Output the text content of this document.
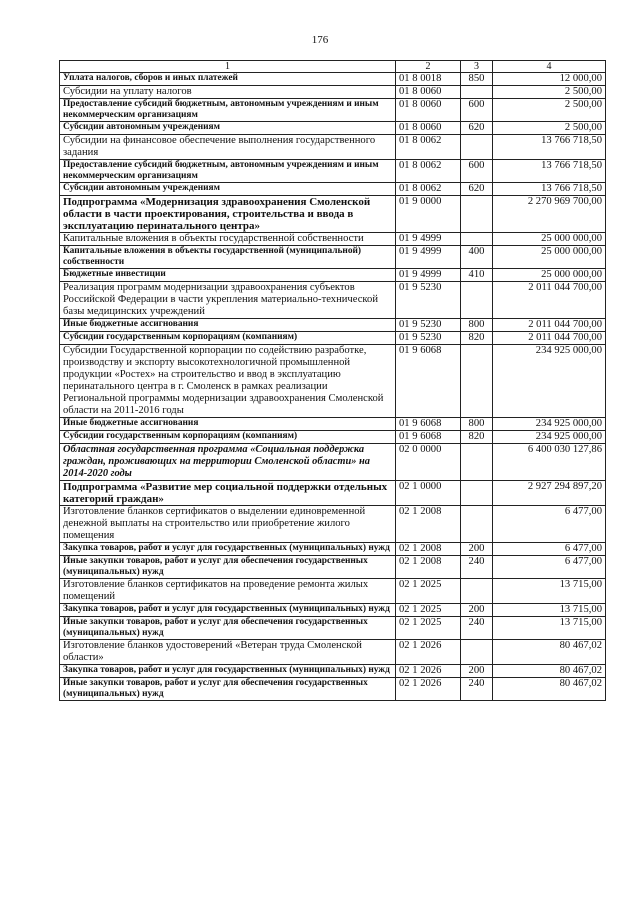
176
1	2	3	4
Уплата налогов, сборов и иных платежей	01 8 0018	850	12 000,00
Субсидии на уплату налогов	01 8 0060		2 500,00
Предоставление субсидий бюджетным, автономным учреждениям и иным некоммерческим организациям	01 8 0060	600	2 500,00
Субсидии автономным учреждениям	01 8 0060	620	2 500,00
Субсидии на финансовое обеспечение выполнения государственного задания	01 8 0062		13 766 718,50
Предоставление субсидий бюджетным, автономным учреждениям и иным некоммерческим организациям	01 8 0062	600	13 766 718,50
Субсидии автономным учреждениям	01 8 0062	620	13 766 718,50
Подпрограмма «Модернизация здравоохранения Смоленской области в части проектирования, строительства и ввода в эксплуатацию перинатального центра»	01 9 0000		2 270 969 700,00
Капитальные вложения в объекты государственной собственности	01 9 4999		25 000 000,00
Капитальные вложения в объекты государственной (муниципальной) собственности	01 9 4999	400	25 000 000,00
Бюджетные инвестиции	01 9 4999	410	25 000 000,00
Реализация программ модернизации здравоохранения субъектов Российской Федерации в части укрепления материально-технической базы медицинских учреждений	01 9 5230		2 011 044 700,00
Иные бюджетные ассигнования	01 9 5230	800	2 011 044 700,00
Субсидии государственным корпорациям (компаниям)	01 9 5230	820	2 011 044 700,00
Субсидии Государственной корпорации по содействию разработке, производству и экспорту высокотехнологичной промышленной продукции «Ростех» на строительство и ввод в эксплуатацию перинатального центра в г. Смоленск в рамках реализации Региональной программы модернизации здравоохранения Смоленской области на 2011-2016 годы	01 9 6068		234 925 000,00
Иные бюджетные ассигнования	01 9 6068	800	234 925 000,00
Субсидии государственным корпорациям (компаниям)	01 9 6068	820	234 925 000,00
Областная государственная программа «Социальная поддержка граждан, проживающих на территории Смоленской области» на 2014-2020 годы	02 0 0000		6 400 030 127,86
Подпрограмма «Развитие мер социальной поддержки отдельных категорий граждан»	02 1 0000		2 927 294 897,20
Изготовление бланков сертификатов о выделении единовременной денежной выплаты на строительство или приобретение жилого помещения	02 1 2008		6 477,00
Закупка товаров, работ и услуг для государственных (муниципальных) нужд	02 1 2008	200	6 477,00
Иные закупки товаров, работ и услуг для обеспечения государственных (муниципальных) нужд	02 1 2008	240	6 477,00
Изготовление бланков сертификатов на проведение ремонта жилых помещений	02 1 2025		13 715,00
Закупка товаров, работ и услуг для государственных (муниципальных) нужд	02 1 2025	200	13 715,00
Иные закупки товаров, работ и услуг для обеспечения государственных (муниципальных) нужд	02 1 2025	240	13 715,00
Изготовление бланков удостоверений «Ветеран труда Смоленской области»	02 1 2026		80 467,02
Закупка товаров, работ и услуг для государственных (муниципальных) нужд	02 1 2026	200	80 467,02
Иные закупки товаров, работ и услуг для обеспечения государственных (муниципальных) нужд	02 1 2026	240	80 467,02
